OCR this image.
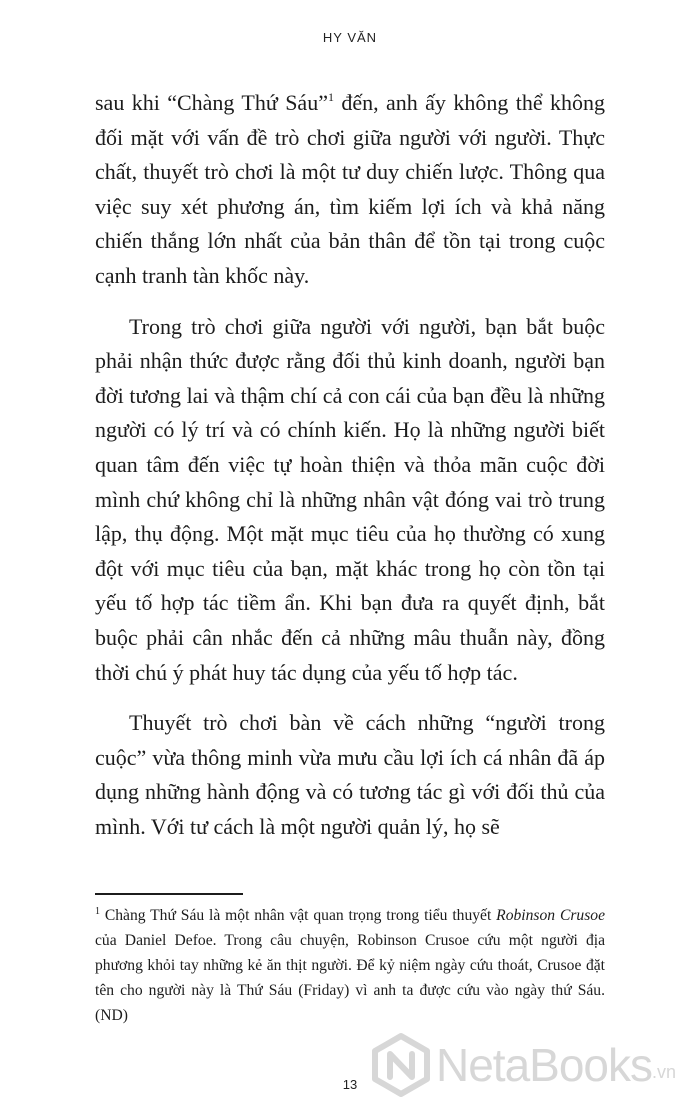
HY VĂN

sau khi “Chàng Thứ Sáu”$^1$ đến, anh ấy không thể không đối mặt với vấn đề trò chơi giữa người với người. Thực chất, thuyết trò chơi là một tư duy chiến lược. Thông qua việc suy xét phương án, tìm kiếm lợi ích và khả năng chiến thắng lớn nhất của bản thân để tồn tại trong cuộc cạnh tranh tàn khốc này.

Trong trò chơi giữa người với người, bạn bắt buộc phải nhận thức được rằng đối thủ kinh doanh, người bạn đời tương lai và thậm chí cả con cái của bạn đều là những người có lý trí và có chính kiến. Họ là những người biết quan tâm đến việc tự hoàn thiện và thỏa mãn cuộc đời mình chứ không chỉ là những nhân vật đóng vai trò trung lập, thụ động. Một mặt mục tiêu của họ thường có xung đột với mục tiêu của bạn, mặt khác trong họ còn tồn tại yếu tố hợp tác tiềm ẩn. Khi bạn đưa ra quyết định, bắt buộc phải cân nhắc đến cả những mâu thuẫn này, đồng thời chú ý phát huy tác dụng của yếu tố hợp tác.

Thuyết trò chơi bàn về cách những “người trong cuộc” vừa thông minh vừa mưu cầu lợi ích cá nhân đã áp dụng những hành động và có tương tác gì với đối thủ của mình. Với tư cách là một người quản lý, họ sẽ

$^1$ Chàng Thứ Sáu là một nhân vật quan trọng trong tiểu thuyết Robinson Crusoe của Daniel Defoe. Trong câu chuyện, Robinson Crusoe cứu một người địa phương khỏi tay những kẻ ăn thịt người. Để kỷ niệm ngày cứu thoát, Crusoe đặt tên cho người này là Thứ Sáu (Friday) vì anh ta được cứu vào ngày thứ Sáu. (ND)
13	NetaBooks .vn
